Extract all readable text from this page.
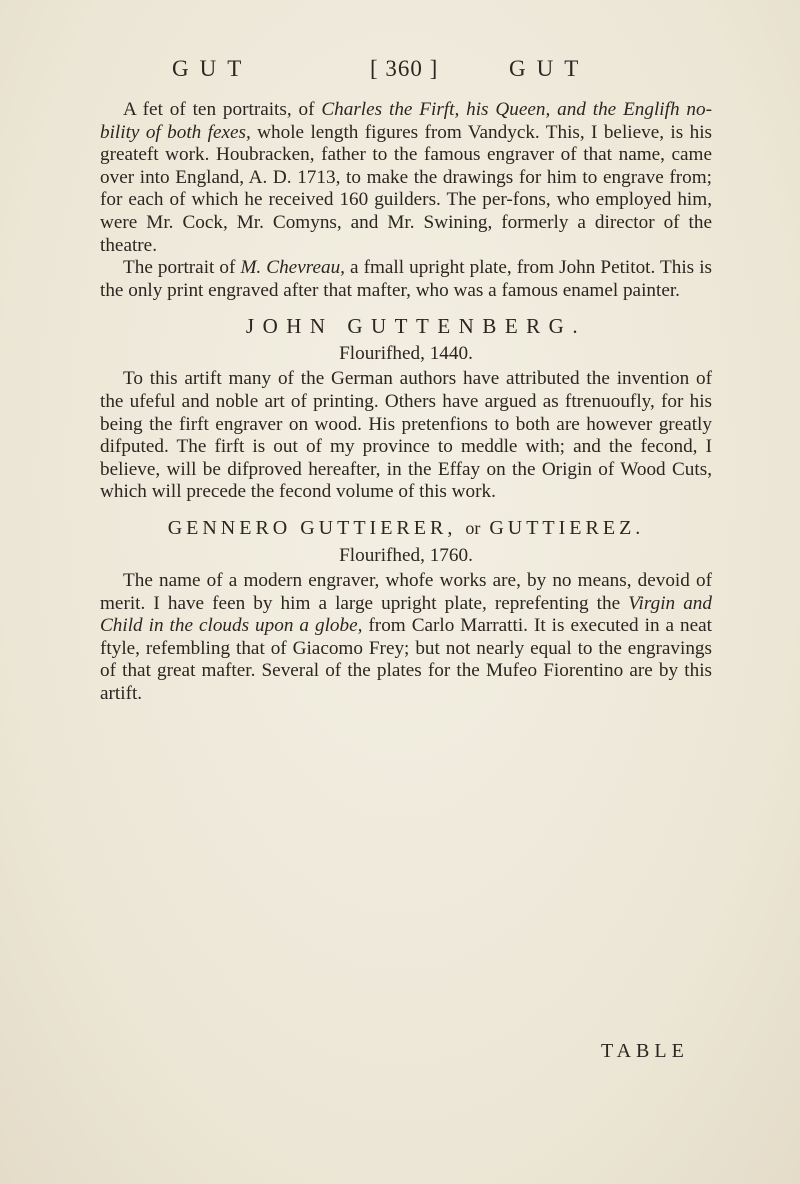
GUT	[ 360 ]	GUT

A fet of ten portraits, of Charles the Firft, his Queen, and the Englifh no-bility of both fexes, whole length figures from Vandyck. This, I believe, is his greateft work. Houbracken, father to the famous engraver of that name, came over into England, A. D. 1713, to make the drawings for him to engrave from; for each of which he received 160 guilders. The per-fons, who employed him, were Mr. Cock, Mr. Comyns, and Mr. Swining, formerly a director of the theatre.

The portrait of M. Chevreau, a fmall upright plate, from John Petitot. This is the only print engraved after that mafter, who was a famous enamel painter.

JOHN GUTTENBERG.
Flourifhed, 1440.

To this artift many of the German authors have attributed the invention of the ufeful and noble art of printing. Others have argued as ftrenuoufly, for his being the firft engraver on wood. His pretenfions to both are however greatly difputed. The firft is out of my province to meddle with; and the fecond, I believe, will be difproved hereafter, in the Effay on the Origin of Wood Cuts, which will precede the fecond volume of this work.

GENNERO GUTTIERER, or GUTTIEREZ.
Flourifhed, 1760.

The name of a modern engraver, whofe works are, by no means, devoid of merit. I have feen by him a large upright plate, reprefenting the Virgin and Child in the clouds upon a globe, from Carlo Marratti. It is executed in a neat ftyle, refembling that of Giacomo Frey; but not nearly equal to the engravings of that great mafter. Several of the plates for the Mufeo Fiorentino are by this artift.

TABLE
